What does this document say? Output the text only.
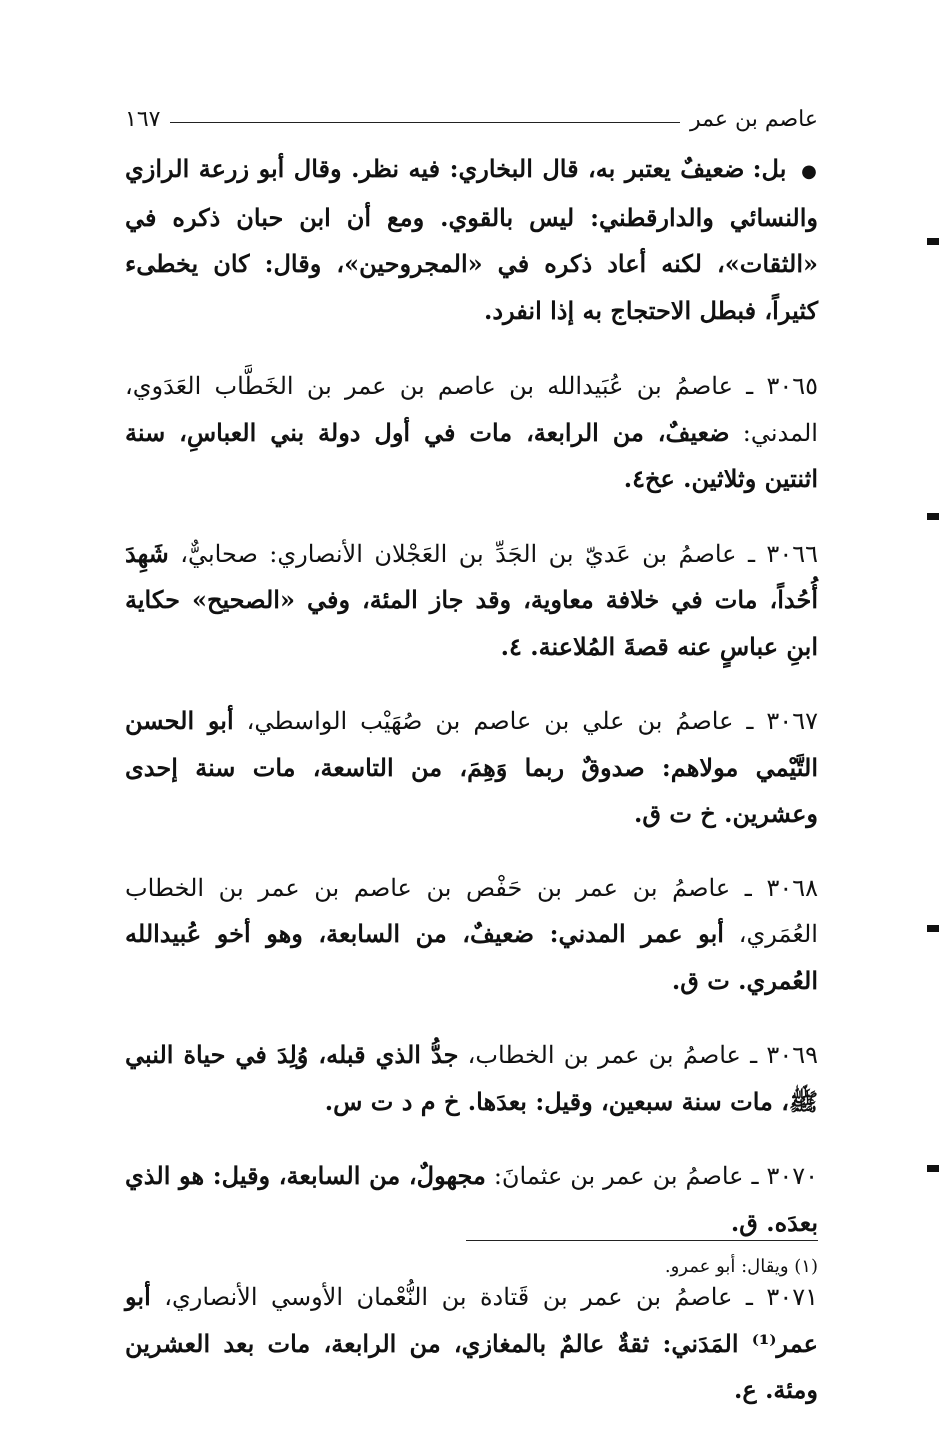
عاصم بن عمر
١٦٧

● بل: ضعيفٌ يعتبر به، قال البخاري: فيه نظر. وقال أبو زرعة الرازي والنسائي والدارقطني: ليس بالقوي. ومع أن ابن حبان ذكره في «الثقات»، لكنه أعاد ذكره في «المجروحين»، وقال: كان يخطىء كثيراً، فبطل الاحتجاج به إذا انفرد.

٣٠٦٥ ـ عاصمُ بن عُبَيدالله بن عاصم بن عمر بن الخَطَّاب العَدَوي، المدني: ضعيفٌ، من الرابعة، مات في أول دولة بني العباسِ، سنة اثنتين وثلاثين. عخ٤.

٣٠٦٦ ـ عاصمُ بن عَديّ بن الجَدِّ بن العَجْلان الأنصاري: صحابيٌّ، شَهِدَ أُحُداً، مات في خلافة معاوية، وقد جاز المئة، وفي «الصحيح» حكاية ابنِ عباسٍ عنه قصةَ المُلاعنة. ٤.

٣٠٦٧ ـ عاصمُ بن علي بن عاصم بن صُهَيْب الواسطي، أبو الحسن التَّيْمي مولاهم: صدوقٌ ربما وَهِمَ، من التاسعة، مات سنة إحدى وعشرين. خ ت ق.

٣٠٦٨ ـ عاصمُ بن عمر بن حَفْص بن عاصم بن عمر بن الخطاب العُمَري، أبو عمر المدني: ضعيفٌ، من السابعة، وهو أخو عُبيدالله العُمري. ت ق.

٣٠٦٩ ـ عاصمُ بن عمر بن الخطاب، جدُّ الذي قبله، وُلِدَ في حياة النبي ﷺ، مات سنة سبعين، وقيل: بعدَها. خ م د ت س.

٣٠٧٠ ـ عاصمُ بن عمر بن عثمانَ: مجهولٌ، من السابعة، وقيل: هو الذي بعدَه. ق.

٣٠٧١ ـ عاصمُ بن عمر بن قَتادة بن النُّعْمان الأوسي الأنصاري، أبو عمر⁽¹⁾ المَدَني: ثقةٌ عالمٌ بالمغازي، من الرابعة، مات بعد العشرين ومئة. ع.

(١) ويقال: أبو عمرو.
